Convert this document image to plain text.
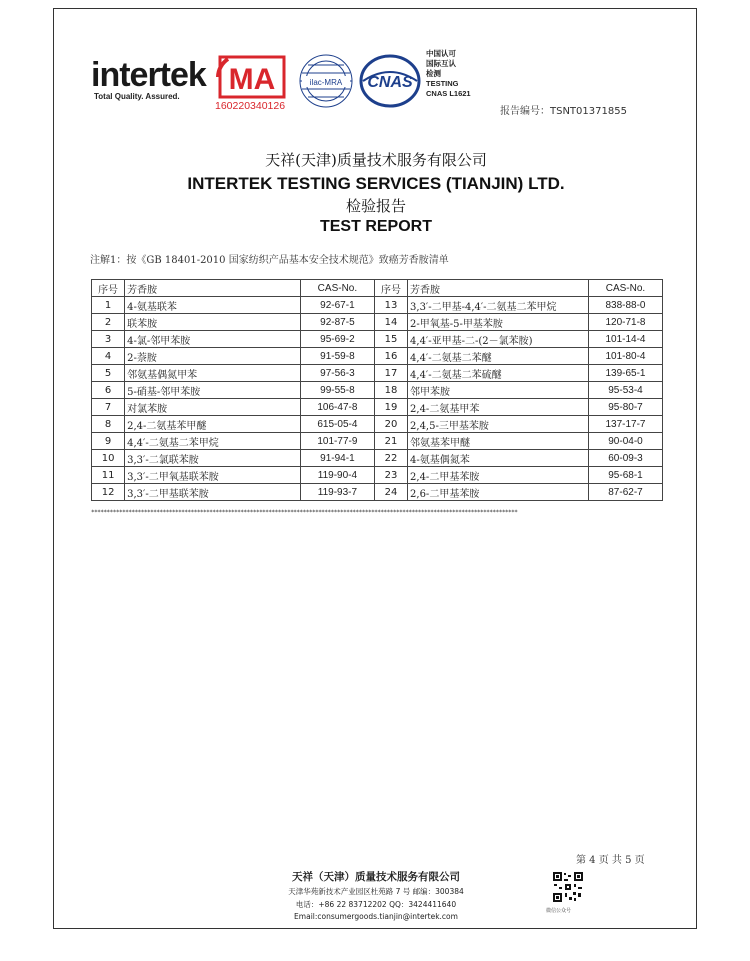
intertek
Total Quality. Assured.
MA
160220340126
ilac-MRA CNAS
中国认可
国际互认
检测
TESTING
CNAS L1621
报告编号：TSNT01371855
天祥(天津)质量技术服务有限公司
INTERTEK TESTING SERVICES (TIANJIN) LTD.
检验报告
TEST REPORT
注解1：按《GB 18401-2010 国家纺织产品基本安全技术规范》致癌芳香胺清单
序号	芳香胺	CAS-No.	序号	芳香胺	CAS-No.
1	4-氨基联苯	92-67-1	13	3,3′-二甲基-4,4′-二氨基二苯甲烷	838-88-0
2	联苯胺	92-87-5	14	2-甲氧基-5-甲基苯胺	120-71-8
3	4-氯-邻甲苯胺	95-69-2	15	4,4′-亚甲基-二-(2－氯苯胺)	101-14-4
4	2-萘胺	91-59-8	16	4,4′-二氨基二苯醚	101-80-4
5	邻氨基偶氮甲苯	97-56-3	17	4,4′-二氨基二苯硫醚	139-65-1
6	5-硝基-邻甲苯胺	99-55-8	18	邻甲苯胺	95-53-4
7	对氯苯胺	106-47-8	19	2,4-二氨基甲苯	95-80-7
8	2,4-二氨基苯甲醚	615-05-4	20	2,4,5-三甲基苯胺	137-17-7
9	4,4′-二氨基二苯甲烷	101-77-9	21	邻氨基苯甲醚	90-04-0
10	3,3′-二氯联苯胺	91-94-1	22	4-氨基偶氮苯	60-09-3
11	3,3′-二甲氧基联苯胺	119-90-4	23	2,4-二甲基苯胺	95-68-1
12	3,3′-二甲基联苯胺	119-93-7	24	2,6-二甲基苯胺	87-62-7
*****************************************************************************************************************************************
第 4 页 共 5 页
天祥（天津）质量技术服务有限公司
天津华苑新技术产业园区杜苑路 7 号 邮编：300384
电话：+86 22 83712202 QQ：3424411640
Email:consumergoods.tianjin@intertek.com
微信公众号
